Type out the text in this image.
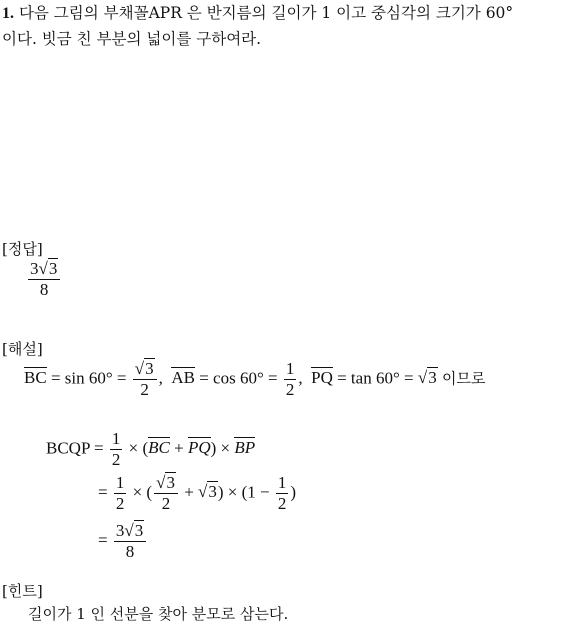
1. 다음 그림의 부채꼴APR 은 반지름의 길이가 1 이고 중심각의 크기가 60°
이다. 빗금 친 부분의 넓이를 구하여라.
[정답]
$\frac{3√3}{8}$
[해설]
BC = $\sin 60^\circ = \frac{√3}{2}$ , AB = $\cos 60^\circ = \frac{1}{2}$ , PQ = tan 60° = √3 이므로
BCQP = $\frac{1}{2} \times (BC + PQ)$ × BP
= $\frac{1}{2}$ × ( $\frac{√3}{2} + √3) \times (1 - \frac{1}{2}$ )
= $\frac{3√3}{8}$
[힌트]
길이가 1 인 선분을 찾아 분모로 삼는다.
